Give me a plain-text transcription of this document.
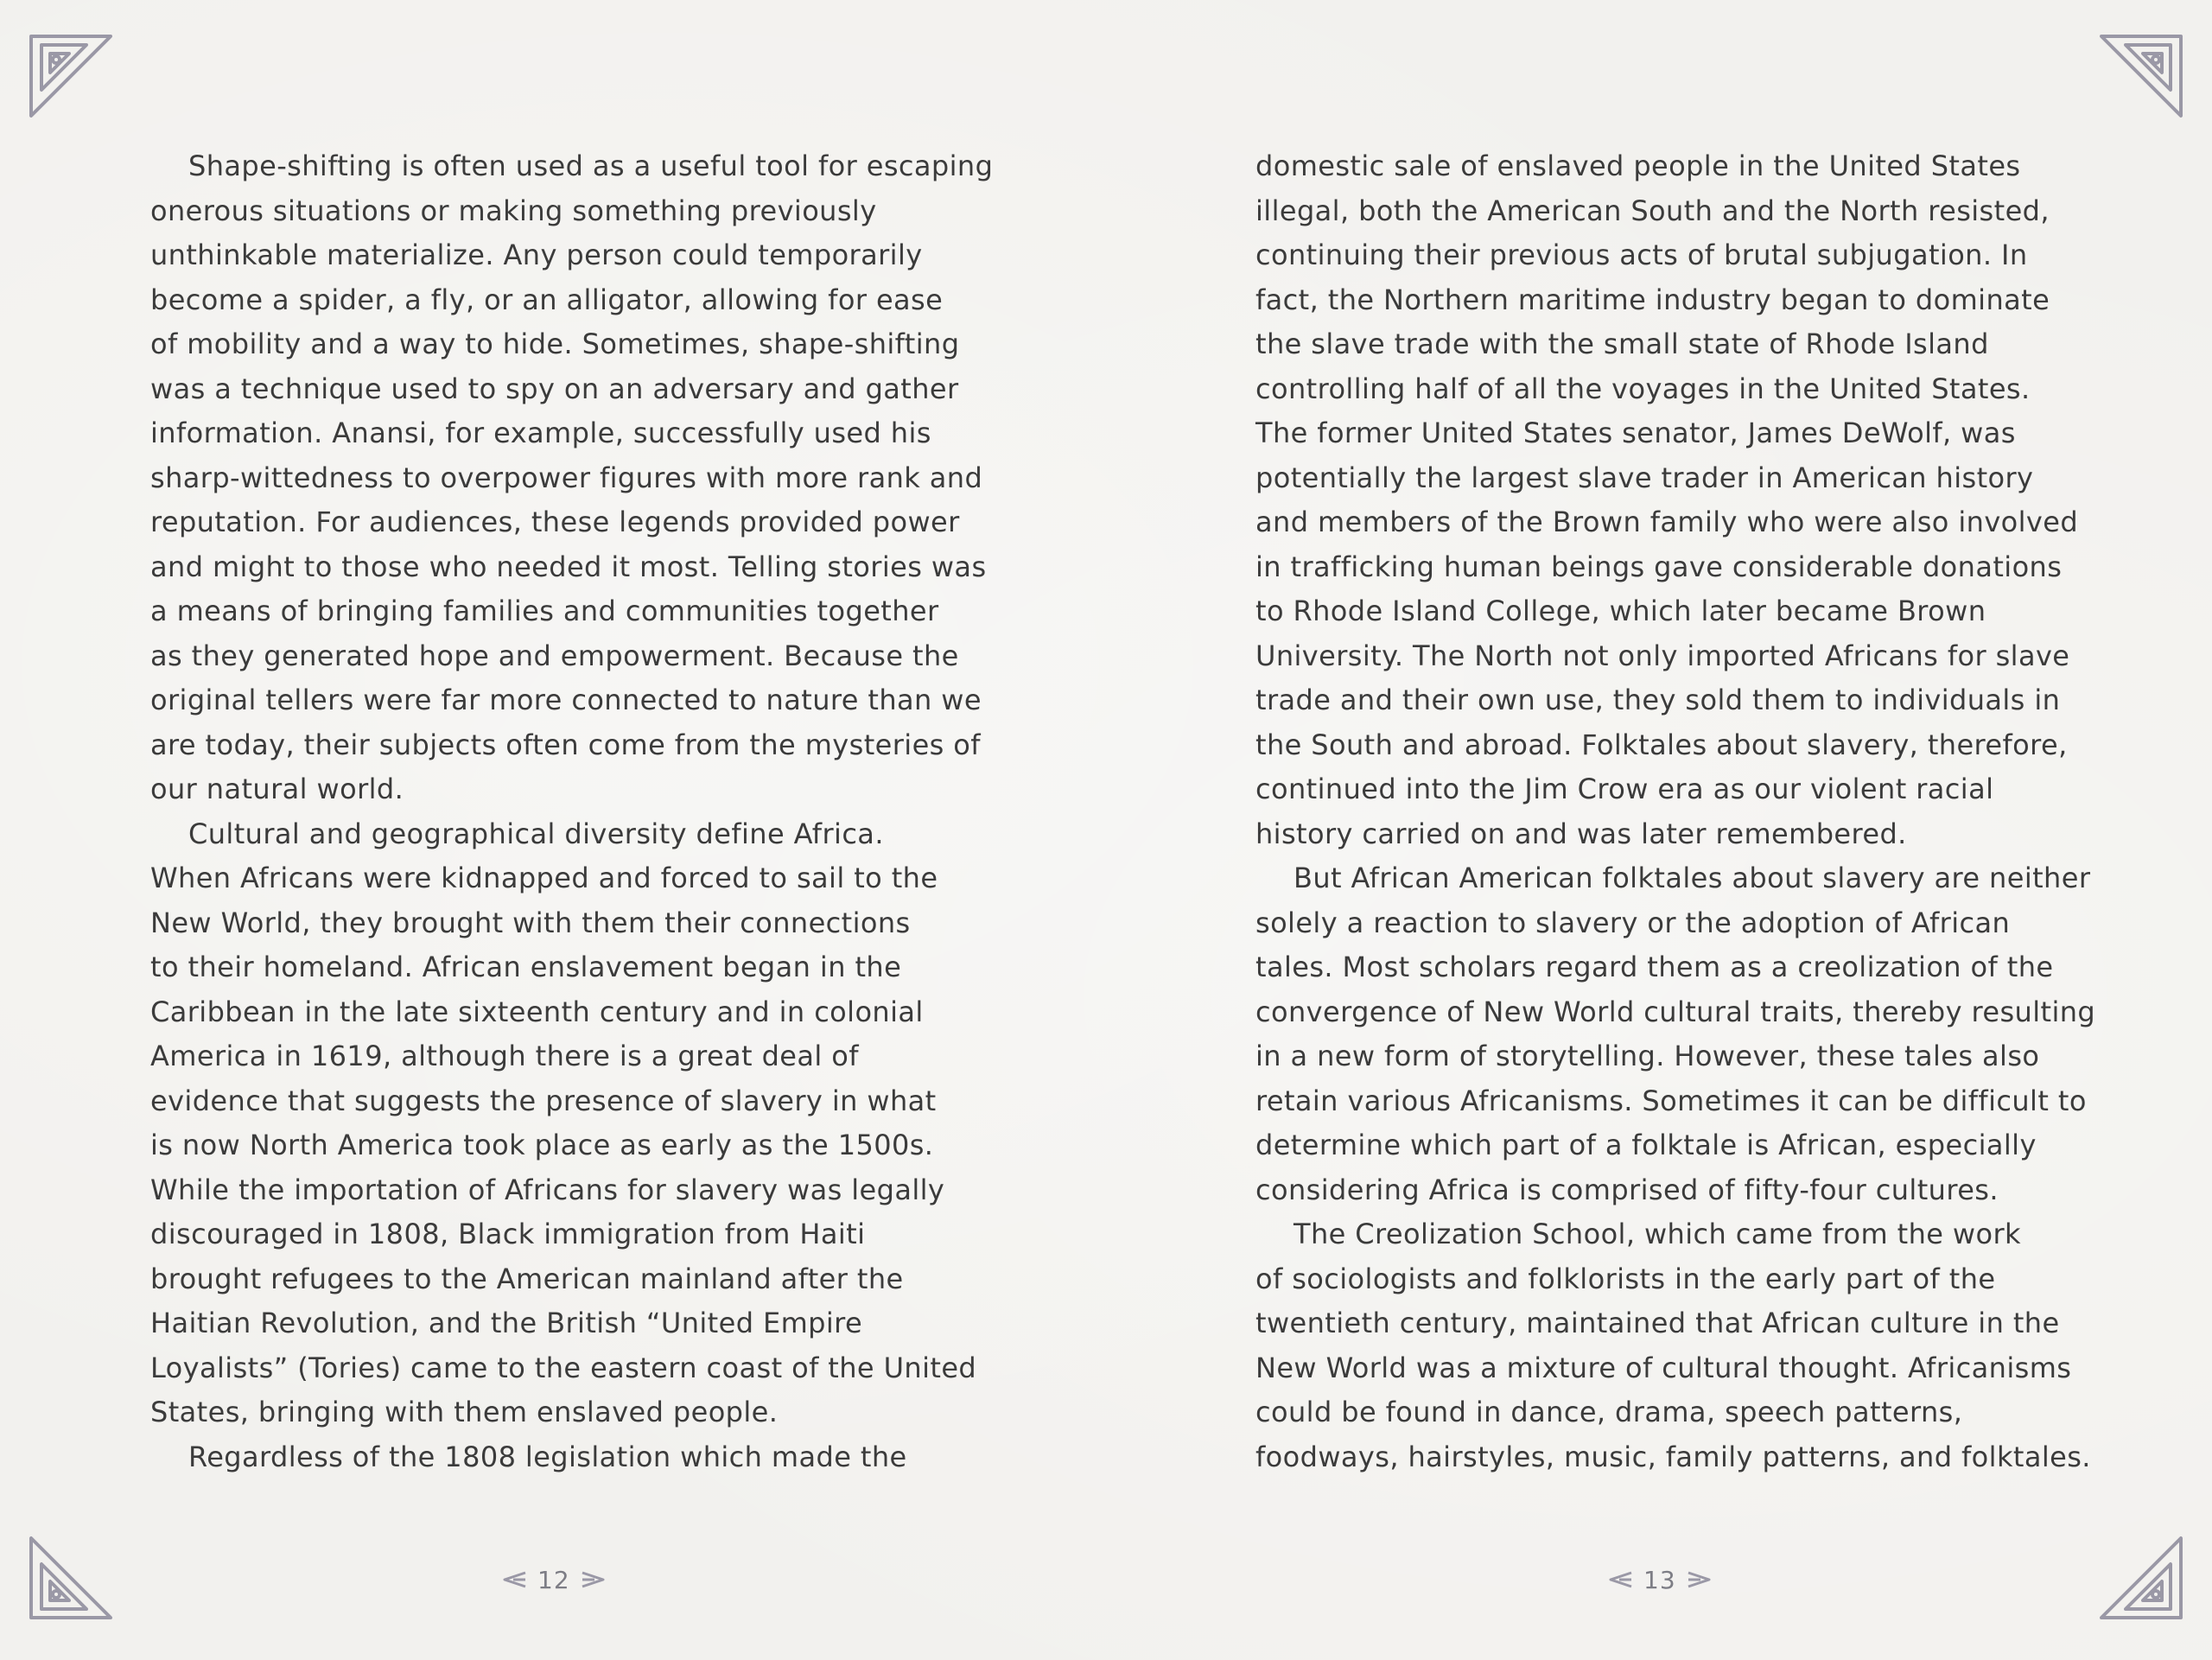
Shape-shifting is often used as a useful tool for escaping
onerous situations or making something previously
unthinkable materialize. Any person could temporarily
become a spider, a fly, or an alligator, allowing for ease
of mobility and a way to hide. Sometimes, shape-shifting
was a technique used to spy on an adversary and gather
information. Anansi, for example, successfully used his
sharp-wittedness to overpower figures with more rank and
reputation. For audiences, these legends provided power
and might to those who needed it most. Telling stories was
a means of bringing families and communities together
as they generated hope and empowerment. Because the
original tellers were far more connected to nature than we
are today, their subjects often come from the mysteries of
our natural world.
Cultural and geographical diversity define Africa.
When Africans were kidnapped and forced to sail to the
New World, they brought with them their connections
to their homeland. African enslavement began in the
Caribbean in the late sixteenth century and in colonial
America in 1619, although there is a great deal of
evidence that suggests the presence of slavery in what
is now North America took place as early as the 1500s.
While the importation of Africans for slavery was legally
discouraged in 1808, Black immigration from Haiti
brought refugees to the American mainland after the
Haitian Revolution, and the British “United Empire
Loyalists” (Tories) came to the eastern coast of the United
States, bringing with them enslaved people.
Regardless of the 1808 legislation which made the
domestic sale of enslaved people in the United States
illegal, both the American South and the North resisted,
continuing their previous acts of brutal subjugation. In
fact, the Northern maritime industry began to dominate
the slave trade with the small state of Rhode Island
controlling half of all the voyages in the United States.
The former United States senator, James DeWolf, was
potentially the largest slave trader in American history
and members of the Brown family who were also involved
in trafficking human beings gave considerable donations
to Rhode Island College, which later became Brown
University. The North not only imported Africans for slave
trade and their own use, they sold them to individuals in
the South and abroad. Folktales about slavery, therefore,
continued into the Jim Crow era as our violent racial
history carried on and was later remembered.
But African American folktales about slavery are neither
solely a reaction to slavery or the adoption of African
tales. Most scholars regard them as a creolization of the
convergence of New World cultural traits, thereby resulting
in a new form of storytelling. However, these tales also
retain various Africanisms. Sometimes it can be difficult to
determine which part of a folktale is African, especially
considering Africa is comprised of fifty-four cultures.
The Creolization School, which came from the work
of sociologists and folklorists in the early part of the
twentieth century, maintained that African culture in the
New World was a mixture of cultural thought. Africanisms
could be found in dance, drama, speech patterns,
foodways, hairstyles, music, family patterns, and folktales.
12	13
